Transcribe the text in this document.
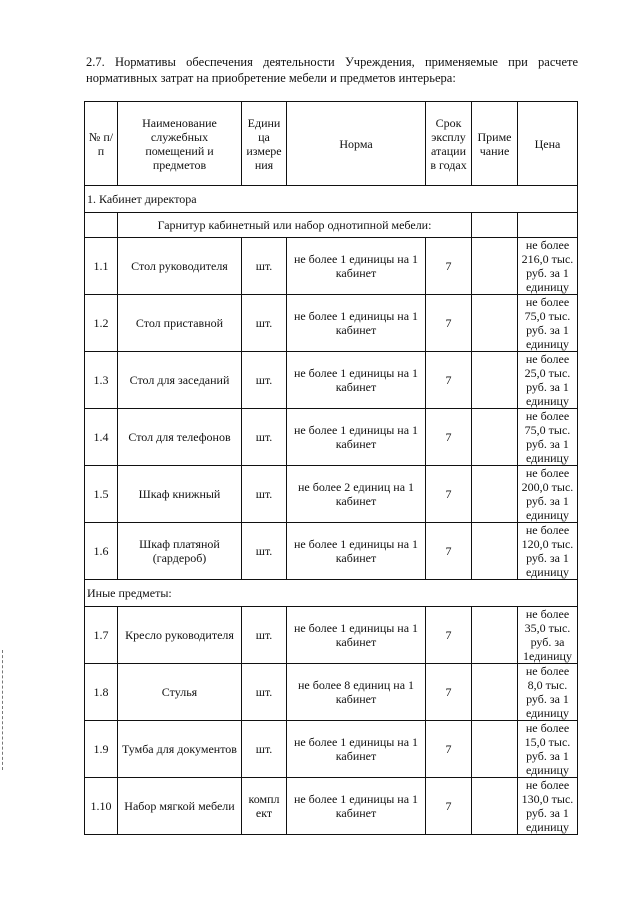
2.7. Нормативы обеспечения деятельности Учреждения, применяемые при расчете нормативных затрат на приобретение мебели и предметов интерьера:
№ п/п	Наименование служебных помещений и предметов	Едини ца измере ния	Норма	Срок эксплу атации в годах	Приме чание	Цена
1. Кабинет директора						
	Гарнитур кабинетный или набор однотипной мебели:					
1.1	Стол руководителя	шт.	не более 1 единицы на 1 кабинет	7		не более 216,0 тыс. руб. за 1 единицу
1.2	Стол приставной	шт.	не более 1 единицы на 1 кабинет	7		не более 75,0 тыс. руб. за 1 единицу
1.3	Стол для заседаний	шт.	не более 1 единицы на 1 кабинет	7		не более 25,0 тыс. руб. за 1 единицу
1.4	Стол для телефонов	шт.	не более 1 единицы на 1 кабинет	7		не более 75,0 тыс. руб. за 1 единицу
1.5	Шкаф книжный	шт.	не более 2 единиц на 1 кабинет	7		не более 200,0 тыс. руб. за 1 единицу
1.6	Шкаф платяной (гардероб)	шт.	не более 1 единицы на 1 кабинет	7		не более 120,0 тыс. руб. за 1 единицу
Иные предметы:						
1.7	Кресло руководителя	шт.	не более 1 единицы на 1 кабинет	7		не более 35,0 тыс. руб. за 1единицу
1.8	Стулья	шт.	не более 8 единиц на 1 кабинет	7		не более 8,0 тыс. руб. за 1 единицу
1.9	Тумба для документов	шт.	не более 1 единицы на 1 кабинет	7		не более 15,0 тыс. руб. за 1 единицу
1.10	Набор мягкой мебели	компл ект	не более 1 единицы на 1 кабинет	7		не более 130,0 тыс. руб. за 1 единицу
